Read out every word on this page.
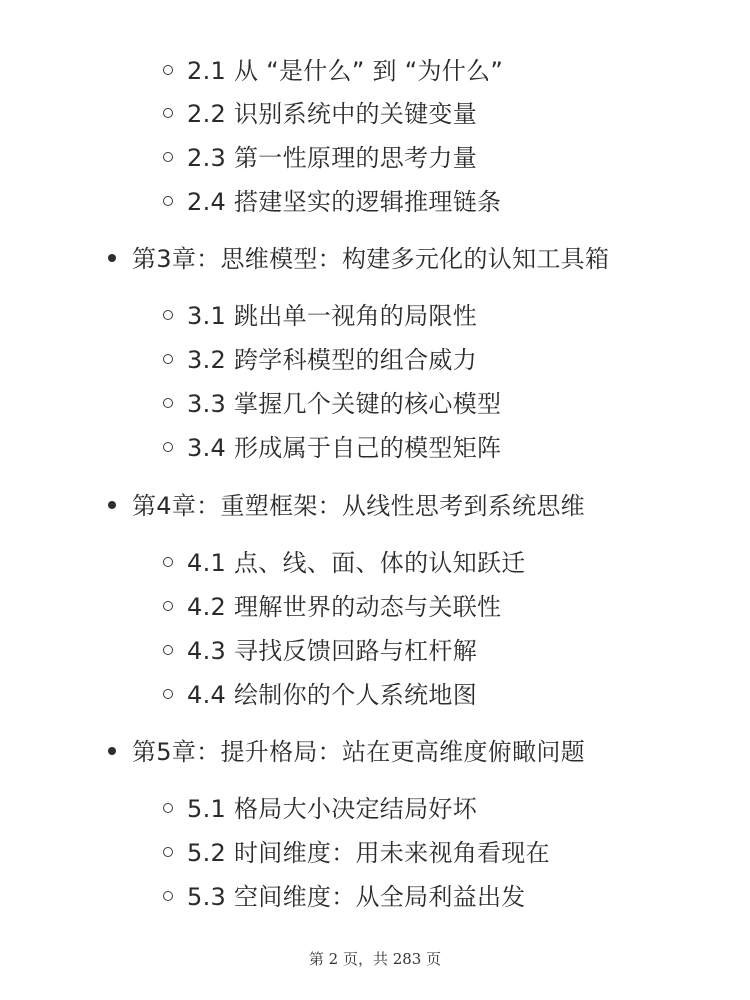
2.1 从 “是什么” 到 “为什么”
2.2 识别系统中的关键变量
2.3 第一性原理的思考力量
2.4 搭建坚实的逻辑推理链条
第3章：思维模型：构建多元化的认知工具箱
3.1 跳出单一视角的局限性
3.2 跨学科模型的组合威力
3.3 掌握几个关键的核心模型
3.4 形成属于自己的模型矩阵
第4章：重塑框架：从线性思考到系统思维
4.1 点、线、面、体的认知跃迁
4.2 理解世界的动态与关联性
4.3 寻找反馈回路与杠杆解
4.4 绘制你的个人系统地图
第5章：提升格局：站在更高维度俯瞰问题
5.1 格局大小决定结局好坏
5.2 时间维度：用未来视角看现在
5.3 空间维度：从全局利益出发
第 2 页，共 283 页
